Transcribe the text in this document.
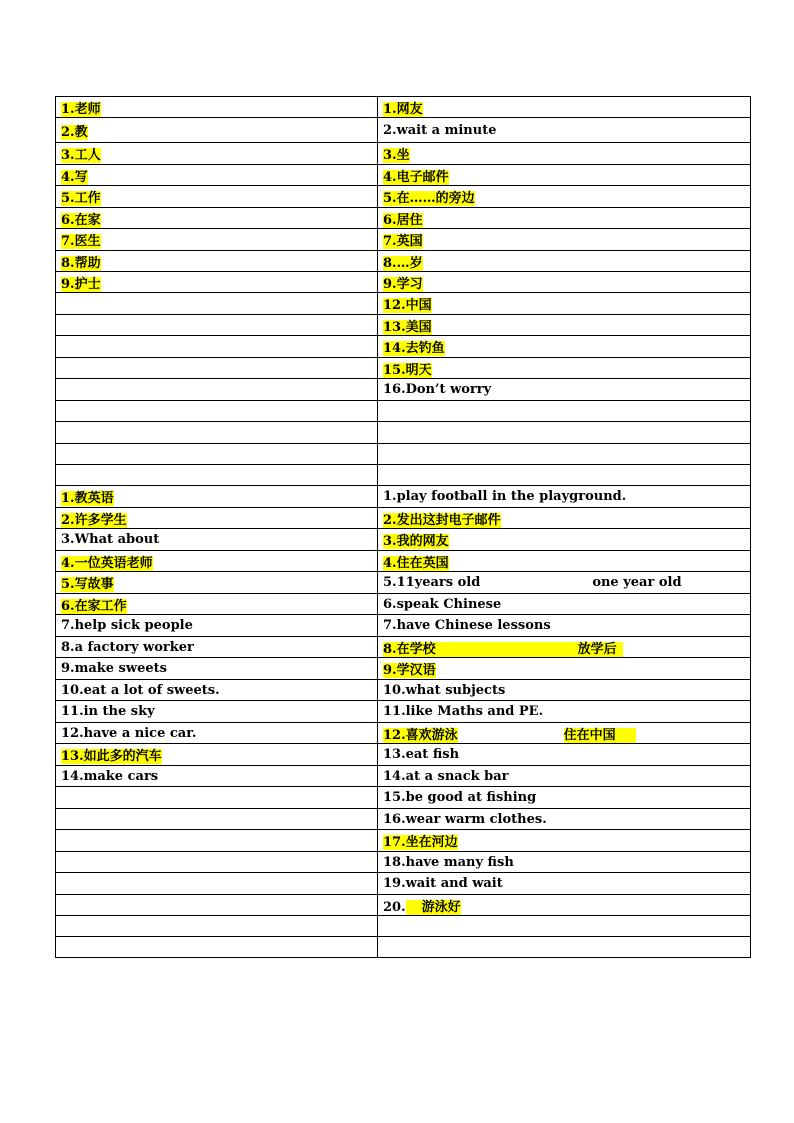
1.老师	1.网友
2.教	2.wait a minute
3.工人	3.坐
4.写	4.电子邮件
5.工作	5.在……的旁边
6.在家	6.居住
7.医生	7.英国
8.帮助	8.…岁
9.护士	9.学习
	12.中国
	13.美国
	14.去钓鱼
	15.明天
	16.Don’t worry

1.教英语	1.play football in the playground.
2.许多学生	2.发出这封电子邮件
3.What about	3.我的网友
4.一位英语老师	4.住在英国
5.写故事	5.11years old one year old
6.在家工作	6.speak Chinese
7.help sick people	7.have Chinese lessons
8.a factory worker	8.在学校 放学后
9.make sweets	9.学汉语
10.eat a lot of sweets.	10.what subjects
11.in the sky	11.like Maths and PE.
12.have a nice car.	12.喜欢游泳 住在中国
13.如此多的汽车	13.eat fish
14.make cars	14.at a snack bar
	15.be good at fishing
	16.wear warm clothes.
	17.坐在河边
	18.have many fish
	19.wait and wait
	20. 游泳好
